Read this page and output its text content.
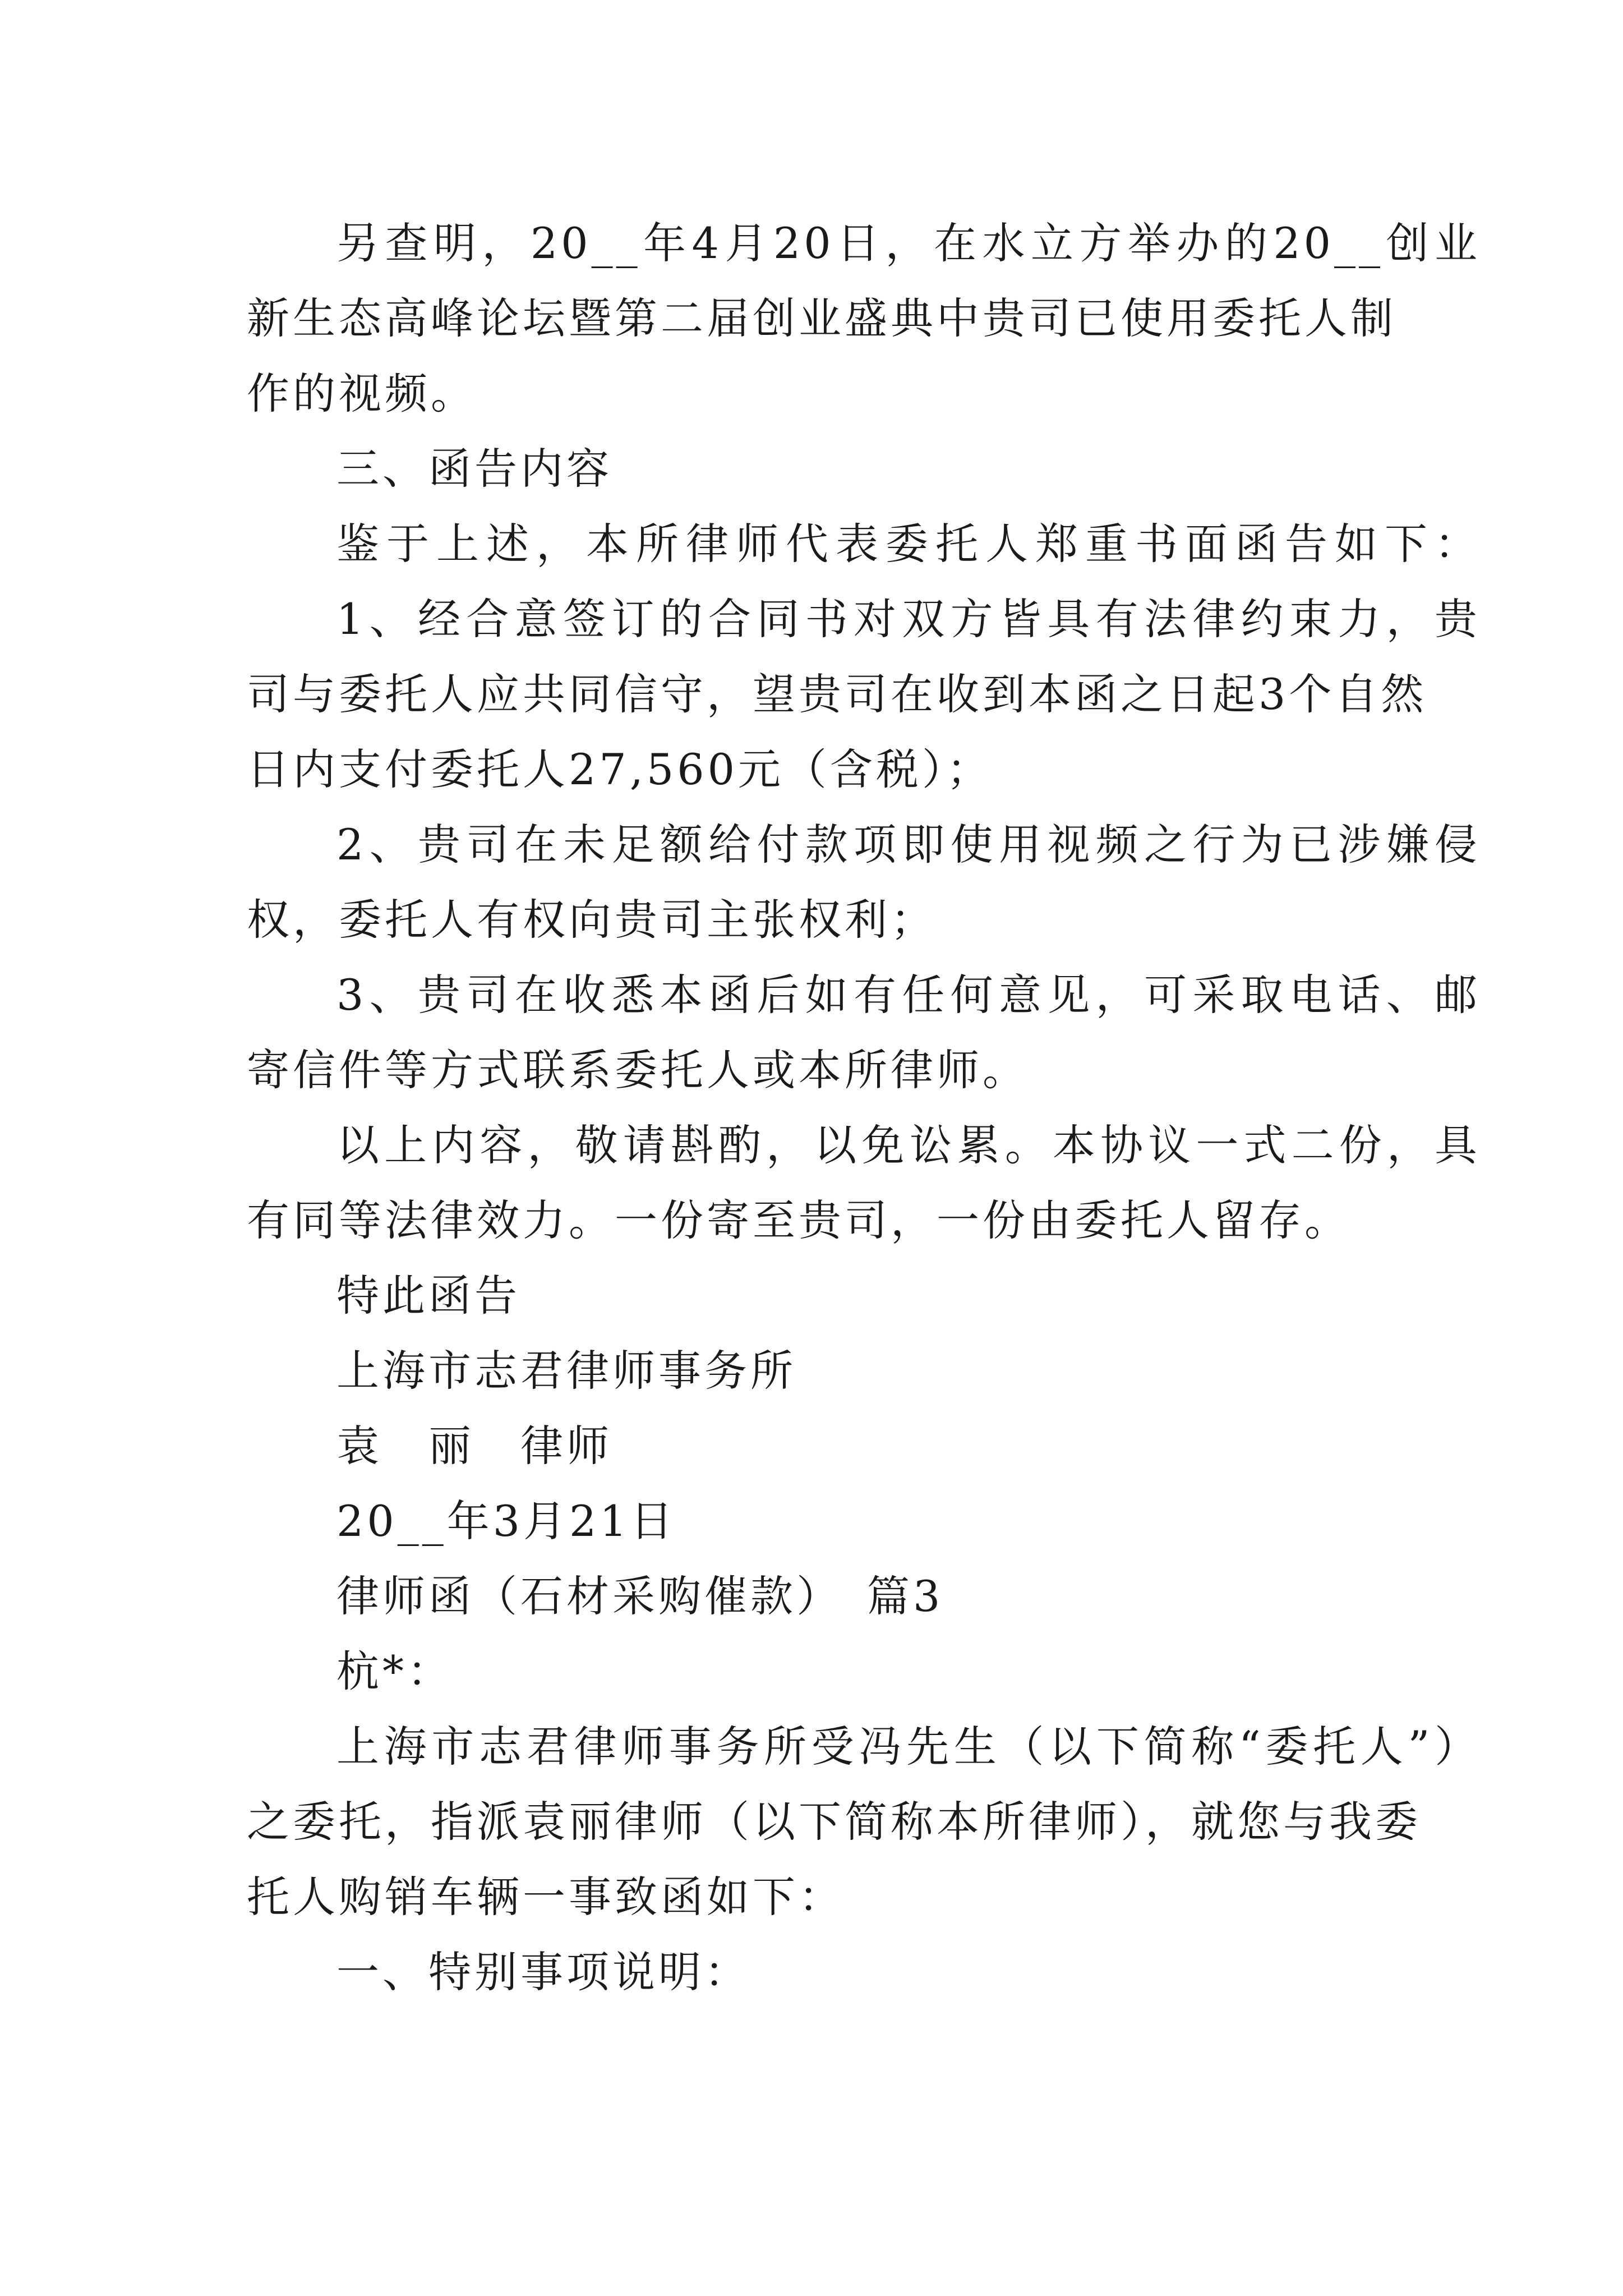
另查明，20__年4月20日，在水立方举办的20__创业
新生态高峰论坛暨第二届创业盛典中贵司已使用委托人制
作的视频。
三、函告内容
鉴于上述，本所律师代表委托人郑重书面函告如下：
1、经合意签订的合同书对双方皆具有法律约束力，贵
司与委托人应共同信守，望贵司在收到本函之日起3个自然
日内支付委托人27,560元（含税）；
2、贵司在未足额给付款项即使用视频之行为已涉嫌侵
权，委托人有权向贵司主张权利；
3、贵司在收悉本函后如有任何意见，可采取电话、邮
寄信件等方式联系委托人或本所律师。
以上内容，敬请斟酌，以免讼累。本协议一式二份，具
有同等法律效力。一份寄至贵司，一份由委托人留存。
特此函告
上海市志君律师事务所
袁　丽　律师
20__年3月21日
律师函（石材采购催款）　篇3
杭*：
上海市志君律师事务所受冯先生（以下简称“委托人”）
之委托，指派袁丽律师（以下简称本所律师），就您与我委
托人购销车辆一事致函如下：
一、特别事项说明：
